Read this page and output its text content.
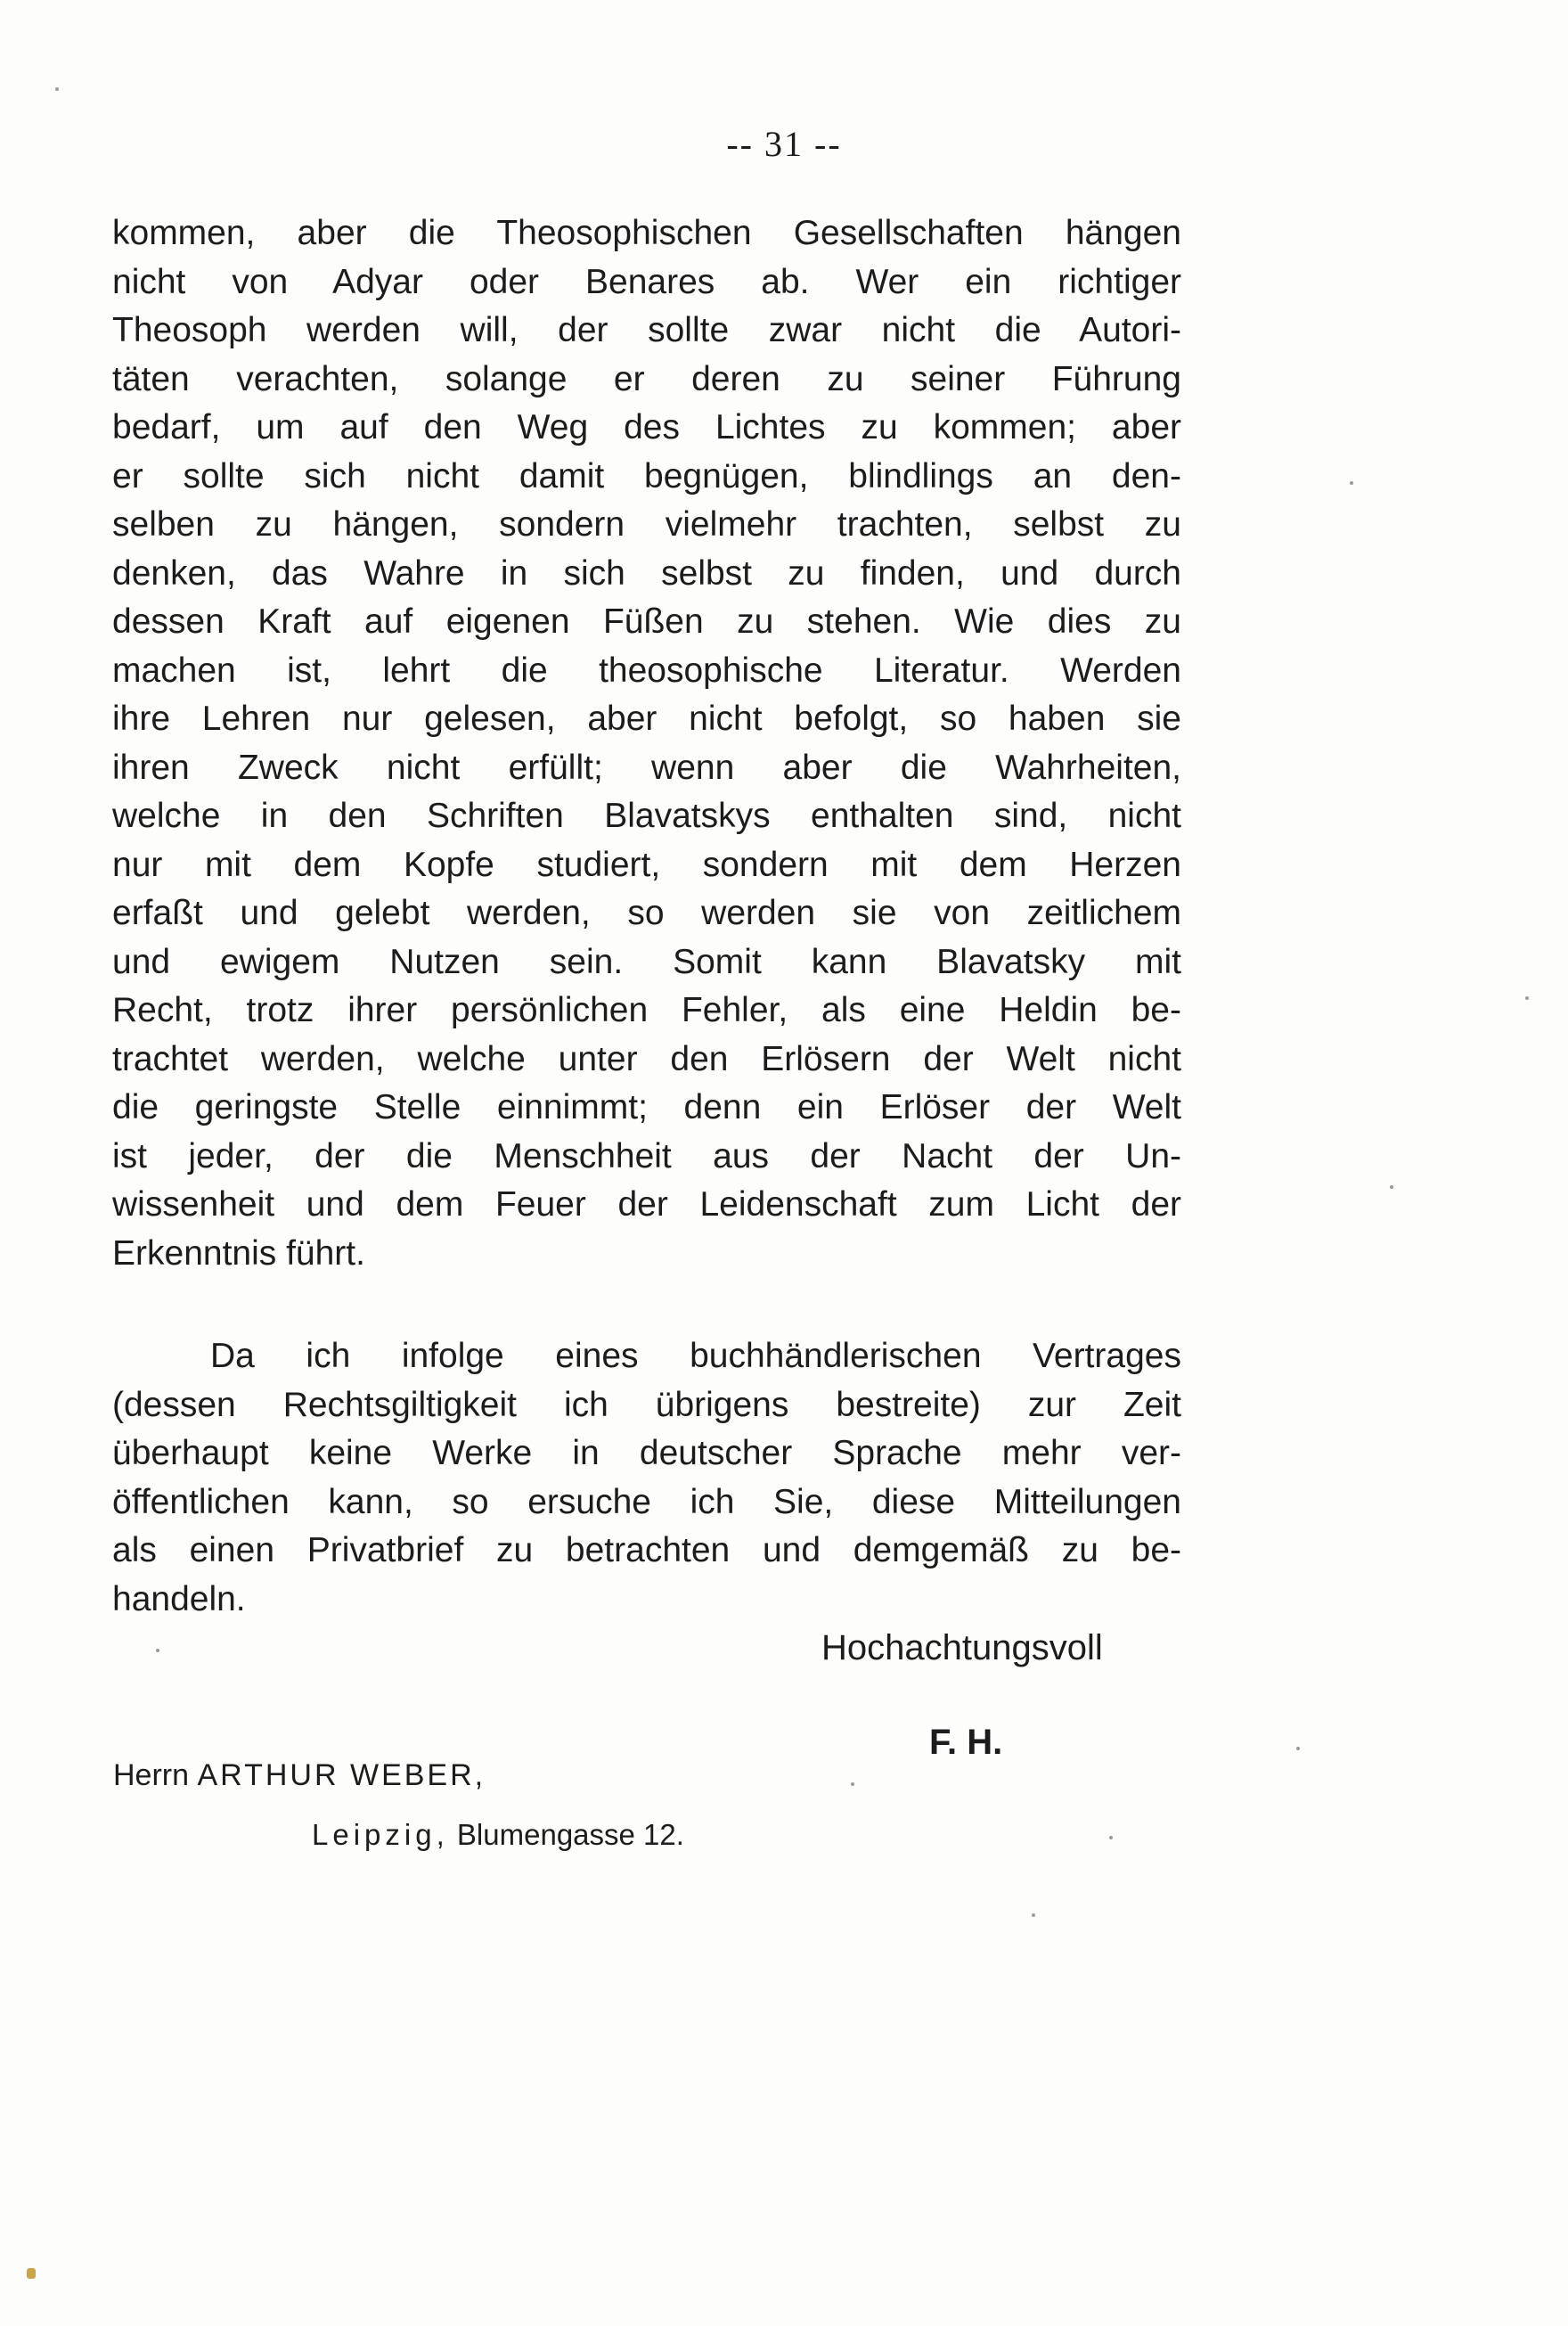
-- 31 --
kommen, aber die Theosophischen Gesellschaften hängen
nicht von Adyar oder Benares ab. Wer ein richtiger
Theosoph werden will, der sollte zwar nicht die Autori-
täten verachten, solange er deren zu seiner Führung
bedarf, um auf den Weg des Lichtes zu kommen; aber
er sollte sich nicht damit begnügen, blindlings an den-
selben zu hängen, sondern vielmehr trachten, selbst zu
denken, das Wahre in sich selbst zu finden, und durch
dessen Kraft auf eigenen Füßen zu stehen. Wie dies zu
machen ist, lehrt die theosophische Literatur. Werden
ihre Lehren nur gelesen, aber nicht befolgt, so haben sie
ihren Zweck nicht erfüllt; wenn aber die Wahrheiten,
welche in den Schriften Blavatskys enthalten sind, nicht
nur mit dem Kopfe studiert, sondern mit dem Herzen
erfaßt und gelebt werden, so werden sie von zeitlichem
und ewigem Nutzen sein. Somit kann Blavatsky mit
Recht, trotz ihrer persönlichen Fehler, als eine Heldin be-
trachtet werden, welche unter den Erlösern der Welt nicht
die geringste Stelle einnimmt; denn ein Erlöser der Welt
ist jeder, der die Menschheit aus der Nacht der Un-
wissenheit und dem Feuer der Leidenschaft zum Licht der
Erkenntnis führt.
Da ich infolge eines buchhändlerischen Vertrages
(dessen Rechtsgiltigkeit ich übrigens bestreite) zur Zeit
überhaupt keine Werke in deutscher Sprache mehr ver-
öffentlichen kann, so ersuche ich Sie, diese Mitteilungen
als einen Privatbrief zu betrachten und demgemäß zu be-
handeln.
Hochachtungsvoll
F. H.
Herrn ARTHUR WEBER,
Leipzig, Blumengasse 12.
